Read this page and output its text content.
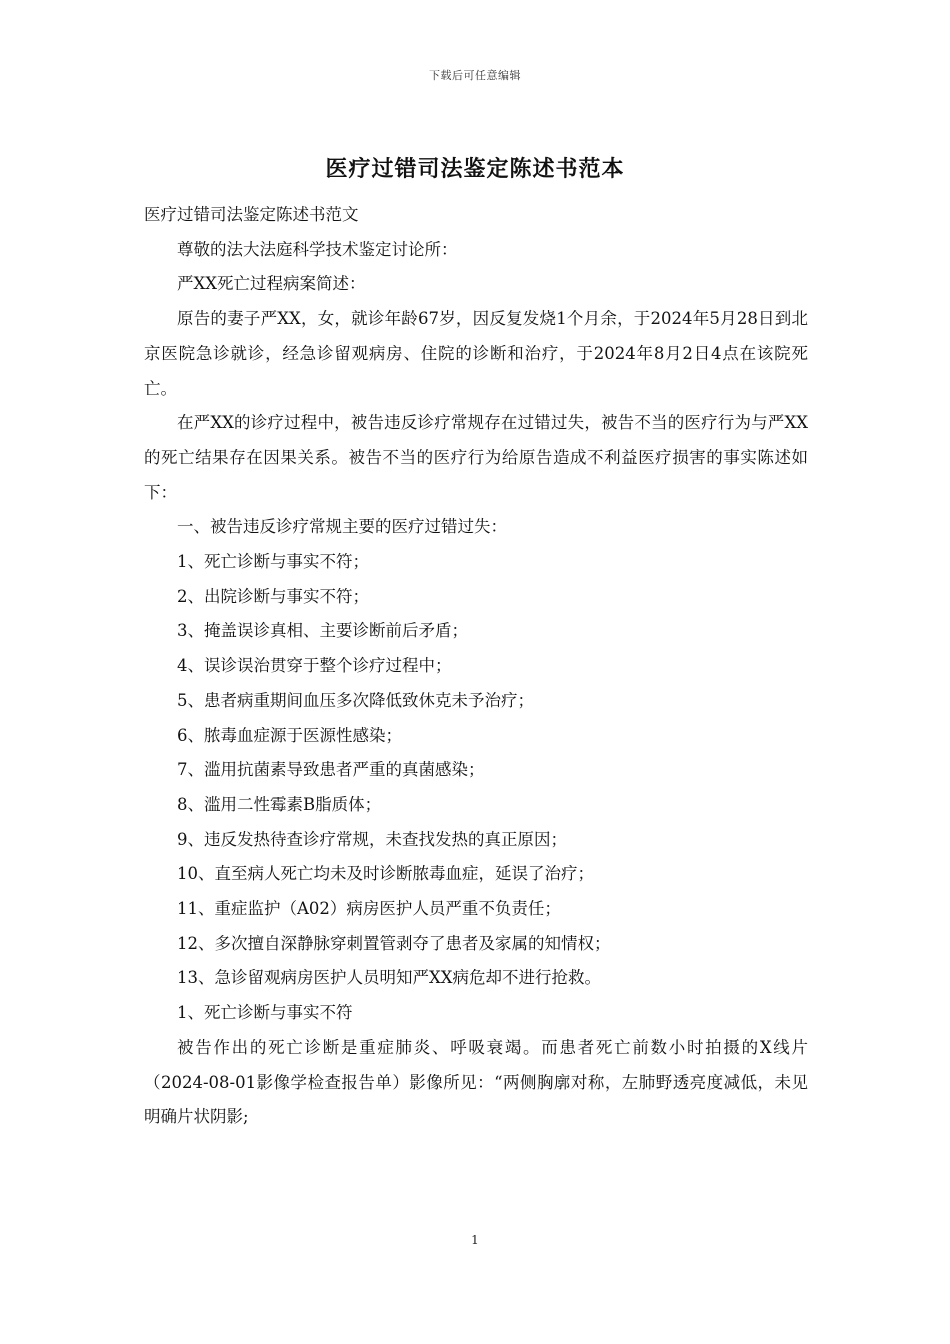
下载后可任意编辑
医疗过错司法鉴定陈述书范本

医疗过错司法鉴定陈述书范文

尊敬的法大法庭科学技术鉴定讨论所：

严XX死亡过程病案简述：

原告的妻子严XX，女，就诊年龄67岁，因反复发烧1个月余，于2024年5月28日到北京医院急诊就诊，经急诊留观病房、住院的诊断和治疗，于2024年8月2日4点在该院死亡。

在严XX的诊疗过程中，被告违反诊疗常规存在过错过失，被告不当的医疗行为与严XX的死亡结果存在因果关系。被告不当的医疗行为给原告造成不利益医疗损害的事实陈述如下：

一、被告违反诊疗常规主要的医疗过错过失：

1、死亡诊断与事实不符；

2、出院诊断与事实不符；

3、掩盖误诊真相、主要诊断前后矛盾；

4、误诊误治贯穿于整个诊疗过程中；

5、患者病重期间血压多次降低致休克未予治疗；

6、脓毒血症源于医源性感染；

7、滥用抗菌素导致患者严重的真菌感染；

8、滥用二性霉素B脂质体；

9、违反发热待查诊疗常规，未查找发热的真正原因；

10、直至病人死亡均未及时诊断脓毒血症，延误了治疗；

11、重症监护（A02）病房医护人员严重不负责任；

12、多次擅自深静脉穿刺置管剥夺了患者及家属的知情权；

13、急诊留观病房医护人员明知严XX病危却不进行抢救。

1、死亡诊断与事实不符

被告作出的死亡诊断是重症肺炎、呼吸衰竭。而患者死亡前数小时拍摄的X线片（2024-08-01影像学检查报告单）影像所见：“两侧胸廓对称，左肺野透亮度减低，未见明确片状阴影;

1
